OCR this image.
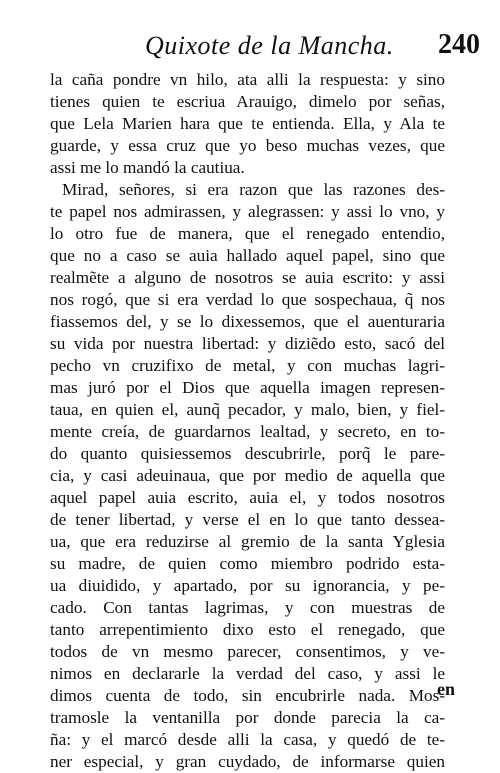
Quixote de la Mancha. 240
la caña pondre vn hilo, ata alli la respuesta: y sino
tienes quien te escriua Arauigo, dimelo por señas,
que Lela Marien hara que te entienda. Ella, y Ala te
guarde, y essa cruz que yo beso muchas vezes, que
assi me lo mandó la cautiua.
Mirad, señores, si era razon que las razones des-
te papel nos admirassen, y alegrassen: y assi lo vno, y
lo otro fue de manera, que el renegado entendio,
que no a caso se auia hallado aquel papel, sino que
realmẽte a alguno de nosotros se auia escrito: y assi
nos rogó, que si era verdad lo que sospechaua, q̃ nos
fiassemos del, y se lo dixessemos, que el auenturaria
su vida por nuestra libertad: y diziẽdo esto, sacó del
pecho vn cruzifixo de metal, y con muchas lagri-
mas juró por el Dios que aquella imagen represen-
taua, en quien el, aunq̃ pecador, y malo, bien, y fiel-
mente creía, de guardarnos lealtad, y secreto, en to-
do quanto quisiessemos descubrirle, porq̃ le pare-
cia, y casi adeuinaua, que por medio de aquella que
aquel papel auia escrito, auia el, y todos nosotros
de tener libertad, y verse el en lo que tanto dessea-
ua, que era reduzirse al gremio de la santa Yglesia
su madre, de quien como miembro podrido esta-
ua diuidido, y apartado, por su ignorancia, y pe-
cado. Con tantas lagrimas, y con muestras de
tanto arrepentimiento dixo esto el renegado, que
todos de vn mesmo parecer, consentimos, y ve-
nimos en declararle la verdad del caso, y assi le
dimos cuenta de todo, sin encubrirle nada. Mos-
tramosle la ventanilla por donde parecia la ca-
ña: y el marcó desde alli la casa, y quedó de te-
ner especial, y gran cuydado, de informarse quien
en
